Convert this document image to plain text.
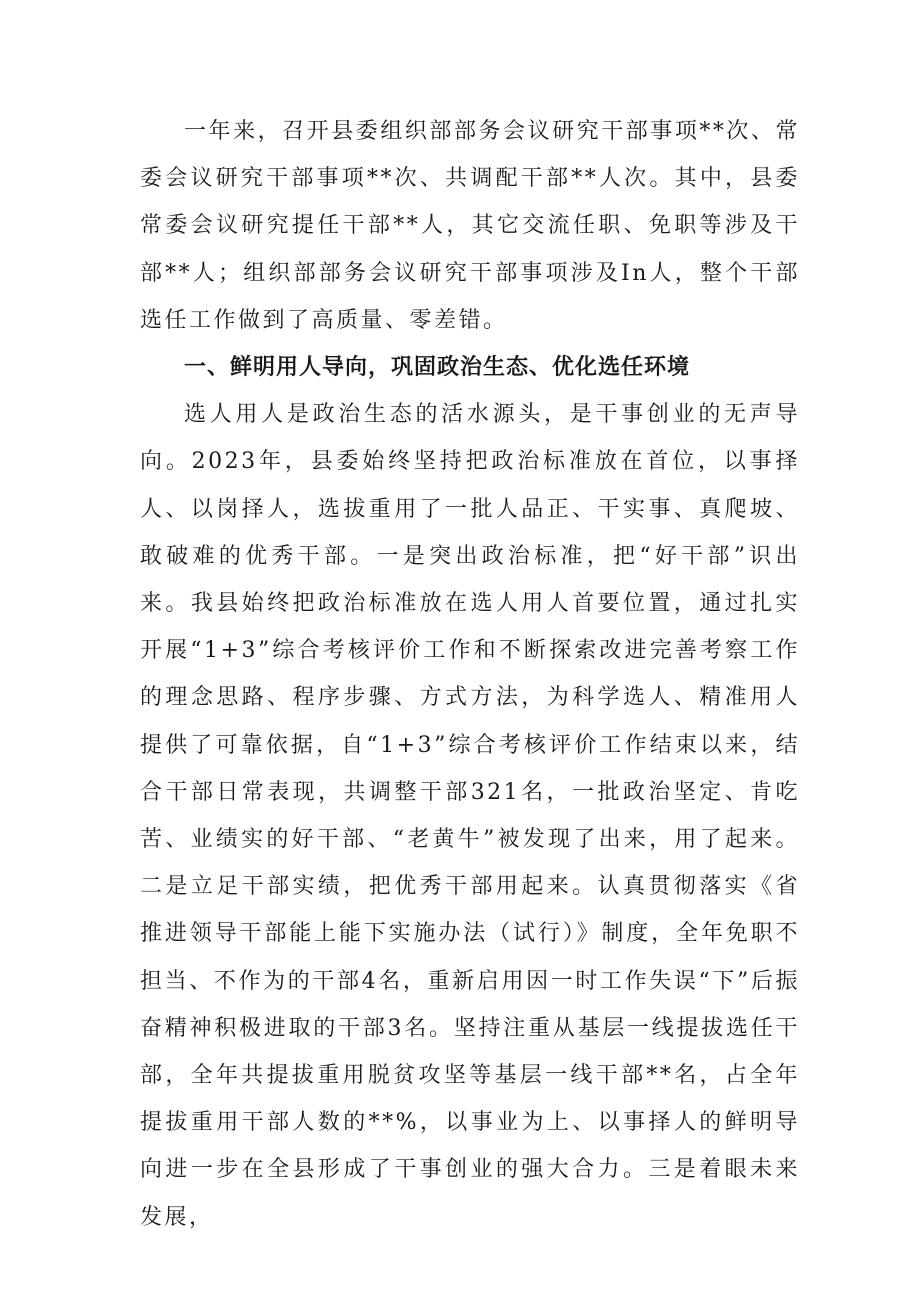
一年来，召开县委组织部部务会议研究干部事项**次、常委会议研究干部事项**次、共调配干部**人次。其中，县委常委会议研究提任干部**人，其它交流任职、免职等涉及干部**人；组织部部务会议研究干部事项涉及In人，整个干部选任工作做到了高质量、零差错。

一、鲜明用人导向，巩固政治生态、优化选任环境

选人用人是政治生态的活水源头，是干事创业的无声导向。2023年，县委始终坚持把政治标准放在首位，以事择人、以岗择人，选拔重用了一批人品正、干实事、真爬坡、敢破难的优秀干部。一是突出政治标准，把“好干部”识出来。我县始终把政治标准放在选人用人首要位置，通过扎实开展“1+3”综合考核评价工作和不断探索改进完善考察工作的理念思路、程序步骤、方式方法，为科学选人、精准用人提供了可靠依据，自“1+3”综合考核评价工作结束以来，结合干部日常表现，共调整干部321名，一批政治坚定、肯吃苦、业绩实的好干部、“老黄牛”被发现了出来，用了起来。二是立足干部实绩，把优秀干部用起来。认真贯彻落实《省推进领导干部能上能下实施办法（试行）》制度，全年免职不担当、不作为的干部4名，重新启用因一时工作失误“下”后振奋精神积极进取的干部3名。坚持注重从基层一线提拔选任干部，全年共提拔重用脱贫攻坚等基层一线干部**名，占全年提拔重用干部人数的**%，以事业为上、以事择人的鲜明导向进一步在全县形成了干事创业的强大合力。三是着眼未来发展，
